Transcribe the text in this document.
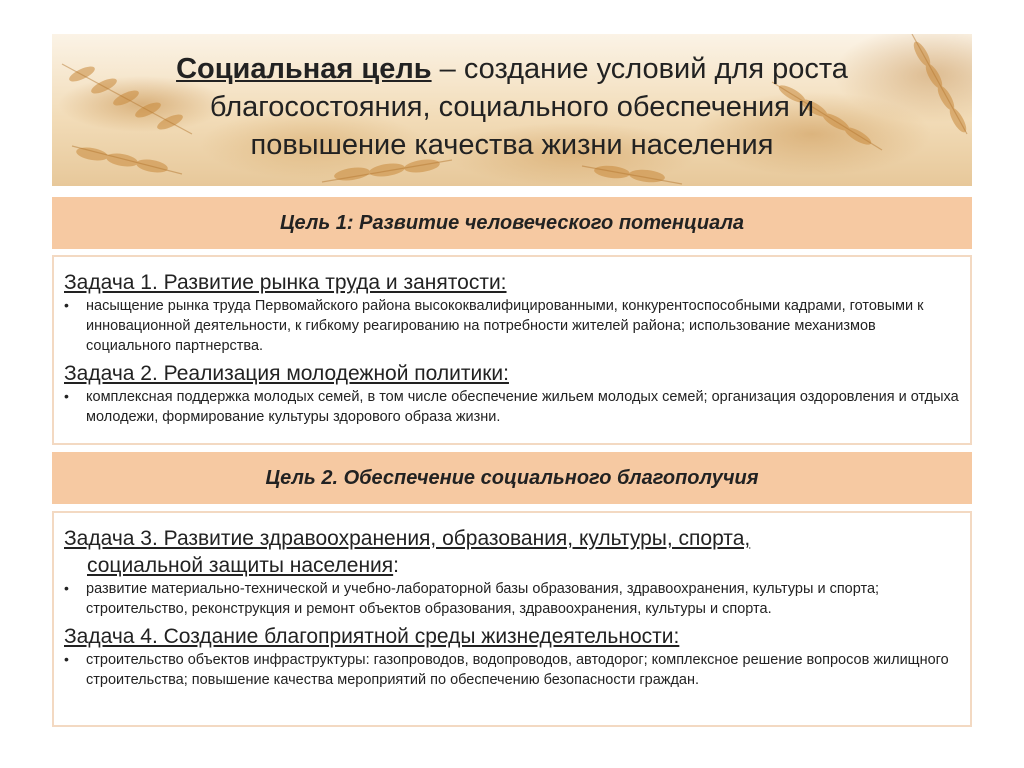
Социальная цель – создание условий для роста
благосостояния, социального обеспечения и
повышение качества жизни населения
Цель 1: Развитие человеческого потенциала
Задача 1. Развитие рынка труда и занятости:
• насыщение рынка труда Первомайского района высококвалифицированными, конкурентоспособными кадрами, готовыми к инновационной деятельности, к гибкому реагированию на потребности жителей района; использование механизмов социального партнерства.
Задача 2. Реализация молодежной политики:
• комплексная поддержка молодых семей, в том числе обеспечение жильем молодых семей; организация оздоровления и отдыха молодежи, формирование культуры здорового образа жизни.
Цель 2. Обеспечение социального благополучия
Задача 3. Развитие здравоохранения, образования, культуры, спорта,
социальной защиты населения:
• развитие материально-технической и учебно-лабораторной базы образования, здравоохранения, культуры и спорта; строительство, реконструкция и ремонт объектов образования, здравоохранения, культуры и спорта.
Задача 4. Создание благоприятной среды жизнедеятельности:
• строительство объектов инфраструктуры: газопроводов, водопроводов, автодорог; комплексное решение вопросов жилищного строительства; повышение качества мероприятий по обеспечению безопасности граждан.
